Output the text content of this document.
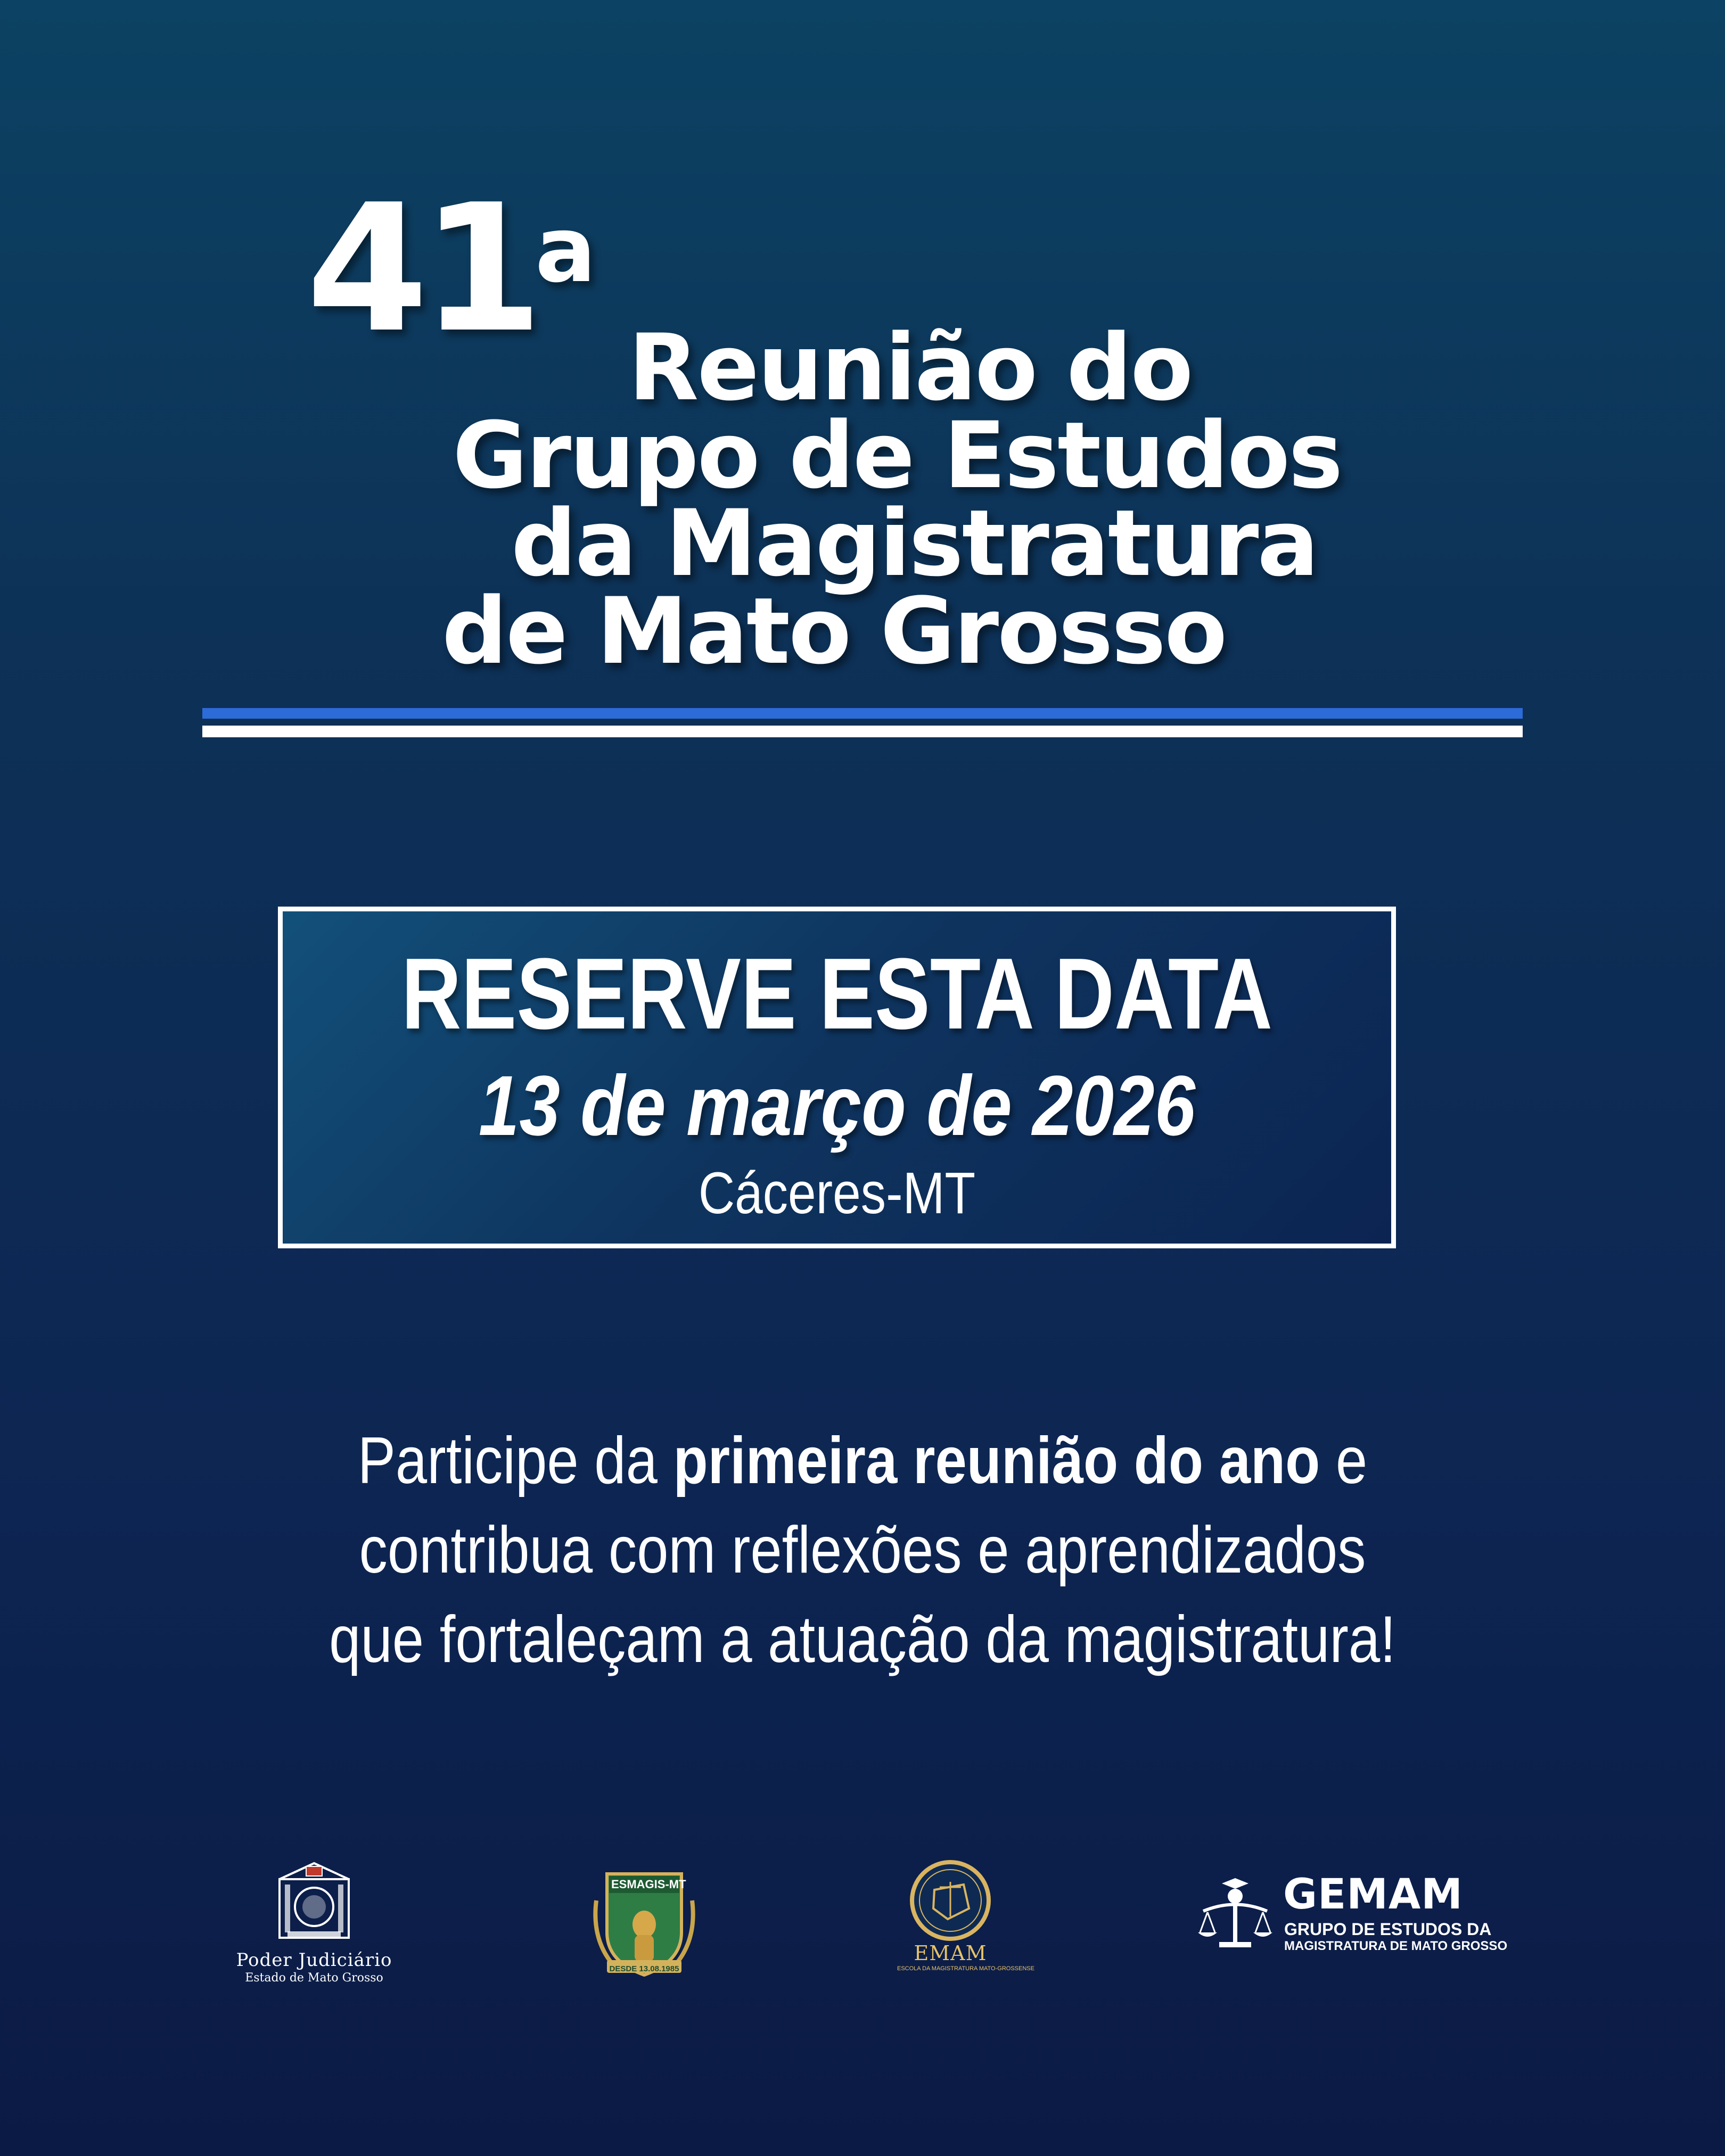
41
a
Reunião do
Grupo de Estudos
da Magistratura
de Mato Grosso
RESERVE ESTA DATA
13 de março de 2026
Cáceres-MT
Participe da primeira reunião do ano e
contribua com reflexões e aprendizados
que fortaleçam a atuação da magistratura!
Poder Judiciário
Estado de Mato Grosso
ESMAGIS-MT
DESDE 13.08.1985
EMAM
ESCOLA DA MAGISTRATURA MATO-GROSSENSE
GEMAM
GRUPO DE ESTUDOS DA
MAGISTRATURA DE MATO GROSSO
